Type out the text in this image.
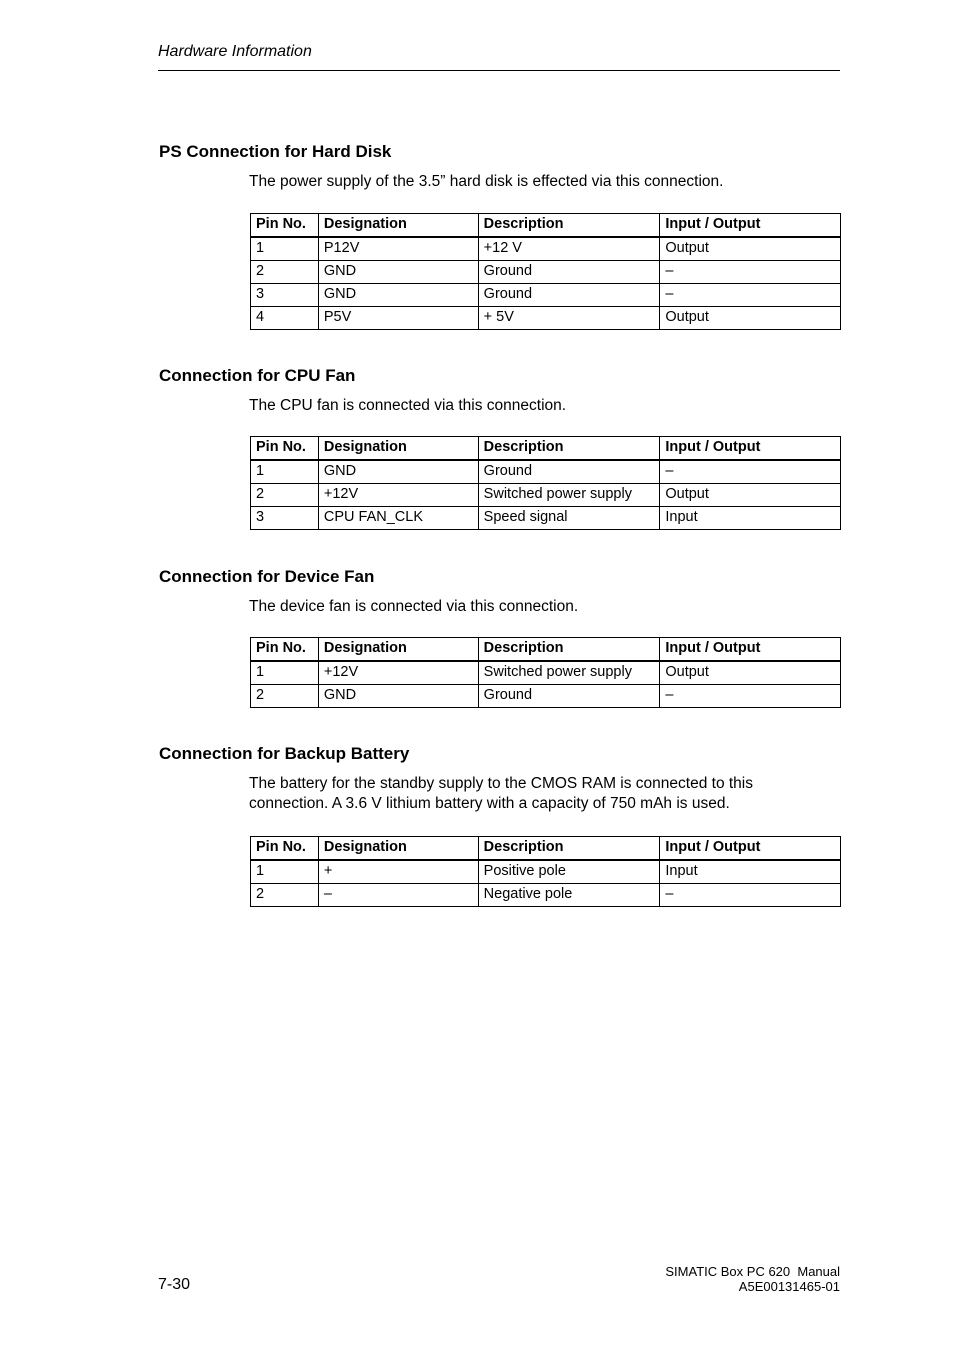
Hardware Information
PS Connection for Hard Disk

The power supply of the 3.5” hard disk is effected via this connection.

Pin No.	Designation	Description	Input / Output
1	P12V	+12 V	Output
2	GND	Ground	–
3	GND	Ground	–
4	P5V	+ 5V	Output
Connection for CPU Fan

The CPU fan is connected via this connection.

Pin No.	Designation	Description	Input / Output
1	GND	Ground	–
2	+12V	Switched power supply	Output
3	CPU FAN_CLK	Speed signal	Input
Connection for Device Fan

The device fan is connected via this connection.

Pin No.	Designation	Description	Input / Output
1	+12V	Switched power supply	Output
2	GND	Ground	–
Connection for Backup Battery

The battery for the standby supply to the CMOS RAM is connected to this connection. A 3.6 V lithium battery with a capacity of 750 mAh is used.

Pin No.	Designation	Description	Input / Output
1	+	Positive pole	Input
2	–	Negative pole	–
7-30
SIMATIC Box PC 620  Manual
A5E00131465-01
